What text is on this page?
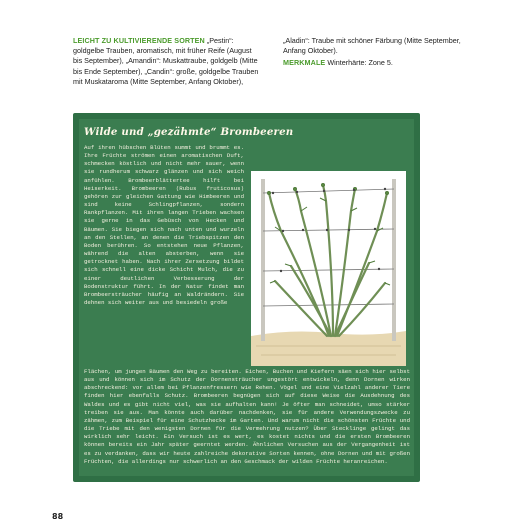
LEICHT ZU KULTIVIERENDE SORTEN „Pestin“: goldgelbe Trauben, aromatisch, mit früher Reife (August bis September), „Amandin“: Muskattraube, goldgelb (Mitte bis Ende September), „Candin“: große, goldgelbe Trauben mit Muskataroma (Mitte September, Anfang Oktober),
„Aladin“: Traube mit schöner Färbung (Mitte September, Anfang Oktober).
MERKMALE Winterhärte: Zone 5.
Wilde und „gezähmte“ Brombeeren
Auf ihren hübschen Blüten summt und brummt es. Ihre Früchte strömen einen aromatischen Duft, schmecken köstlich und nicht mehr sauer, wenn sie rundherum schwarz glänzen und sich weich anfühlen. Brombeerblättertee hilft bei Heiserkeit. Brombeeren (Rubus fruticosus) gehören zur gleichen Gattung wie Himbeeren und sind keine Schlingpflanzen, sondern Rankpflanzen. Mit ihren langen Trieben wachsen sie gerne in das Gebüsch von Hecken und Bäumen. Sie biegen sich nach unten und wurzeln an den Stellen, an denen die Triebspitzen den Boden berühren. So entstehen neue Pflanzen, während die alten absterben, wenn sie getrocknet haben. Nach ihrer Zersetzung bildet sich schnell eine dicke Schicht Mulch, die zu einer deutlichen Verbesserung der Bodenstruktur führt. In der Natur findet man Brombeersträucher häufig an Waldrändern. Sie dehnen sich weiter aus und besiedeln große
Flächen, um jungen Bäumen den Weg zu bereiten. Eichen, Buchen und Kiefern säen sich hier selbst aus und können sich im Schutz der Dornensträucher ungestört entwickeln, denn Dornen wirken abschreckend: vor allem bei Pflanzenfressern wie Rehen. Vögel und eine Vielzahl anderer Tiere finden hier ebenfalls Schutz. Brombeeren begnügen sich auf diese Weise die Ausdehnung des Waldes und es gibt nicht viel, was sie aufhalten kann! Je öfter man schneidet, umso stärker treiben sie aus. Man könnte auch darüber nachdenken, sie für andere Verwendungszwecke zu zähmen, zum Beispiel für eine Schutzhecke im Garten. Und warum nicht die schönsten Früchte und die Triebe mit den wenigsten Dornen für die Vermehrung nutzen? Über Stecklinge gelingt das wirklich sehr leicht. Ein Versuch ist es wert, es kostet nichts und die ersten Brombeeren können bereits ein Jahr später geerntet werden. Ähnlichen Versuchen aus der Vergangenheit ist es zu verdanken, dass wir heute zahlreiche dekorative Sorten kennen, ohne Dornen und mit großen Früchten, die allerdings nur schwerlich an den Geschmack der wilden Früchte heranreichen.
88
